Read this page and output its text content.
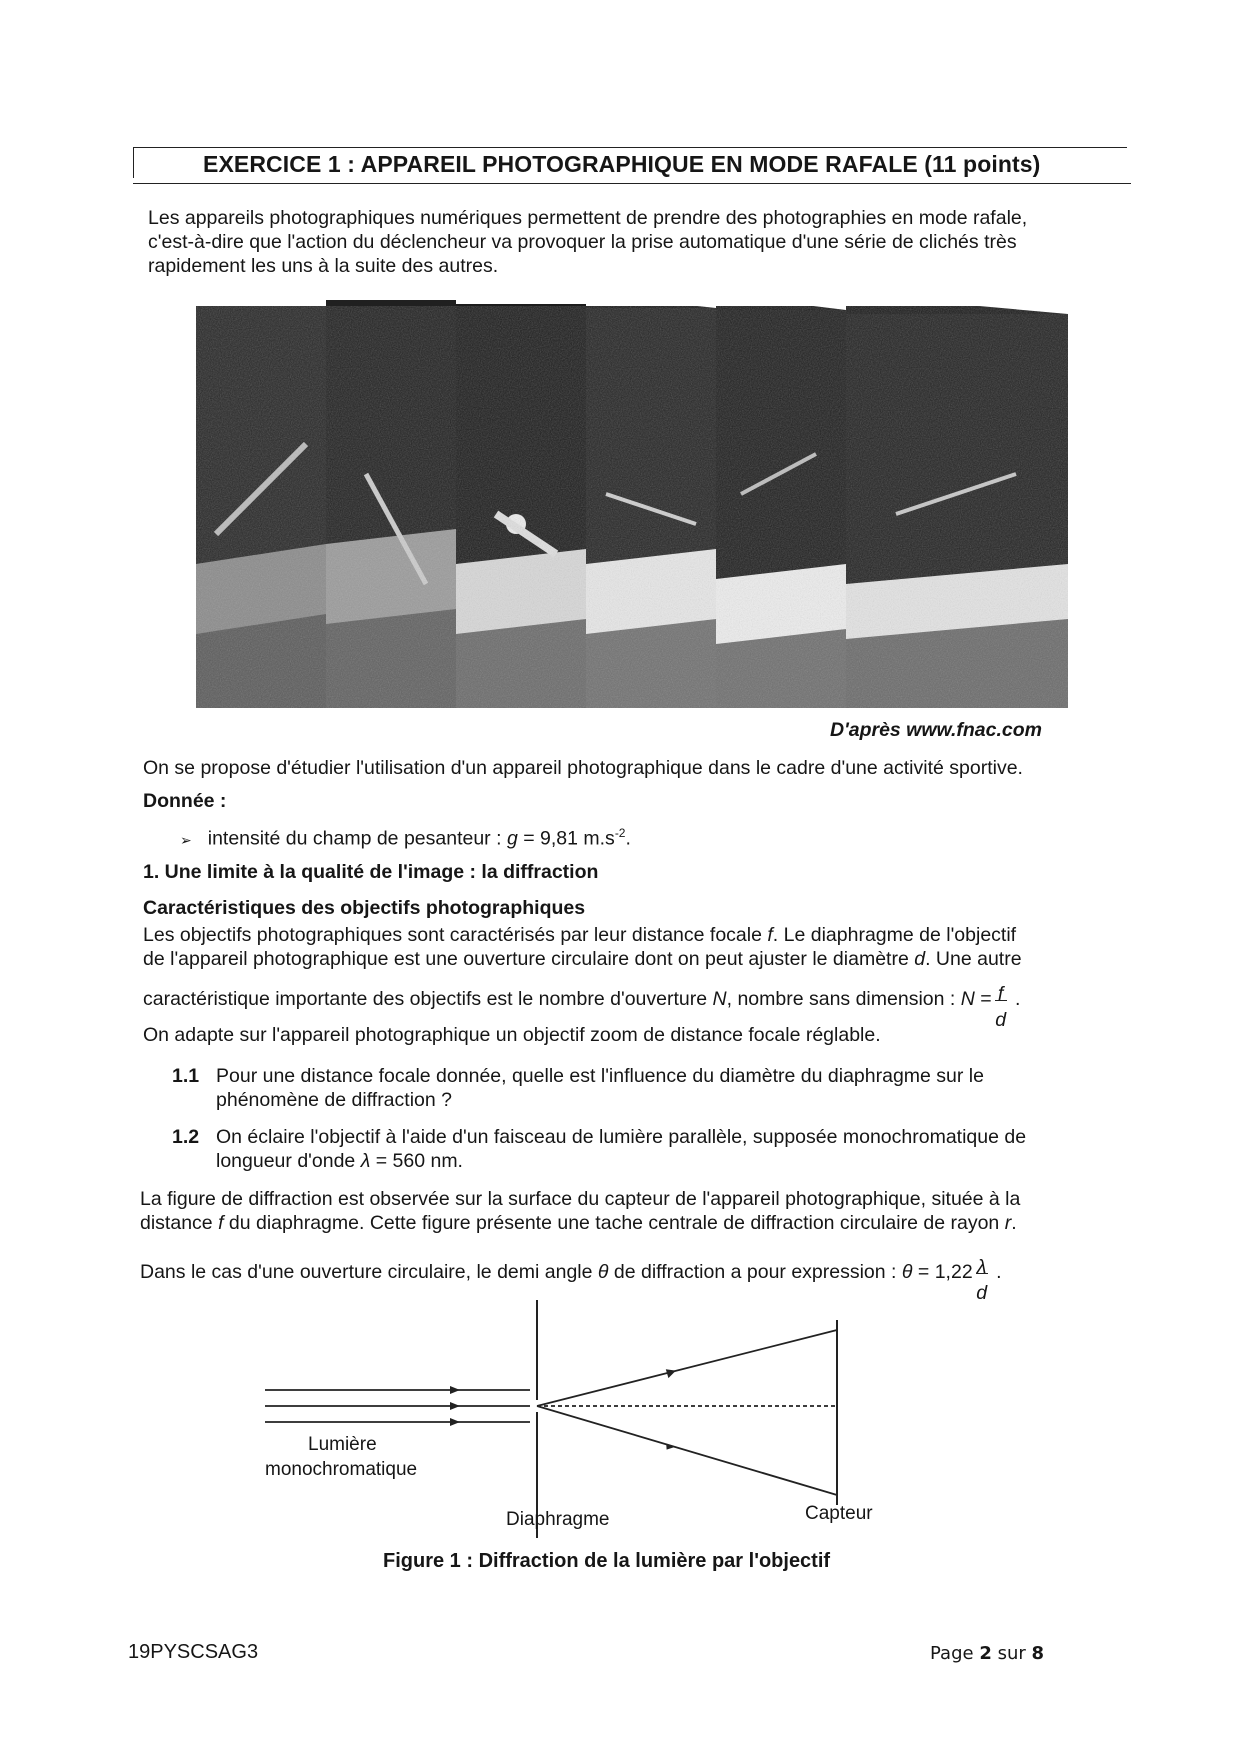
EXERCICE 1 : APPAREIL PHOTOGRAPHIQUE EN MODE RAFALE (11 points)
Les appareils photographiques numériques permettent de prendre des photographies en mode rafale,
c'est-à-dire que l'action du déclencheur va provoquer la prise automatique d'une série de clichés très
rapidement les uns à la suite des autres.
D'après www.fnac.com
On se propose d'étudier l'utilisation d'un appareil photographique dans le cadre d'une activité sportive.
Donnée :
➢ intensité du champ de pesanteur : g = 9,81 $m.s^{-2}$.
1. Une limite à la qualité de l'image : la diffraction
Caractéristiques des objectifs photographiques
Les objectifs photographiques sont caractérisés par leur distance focale f. Le diaphragme de l'objectif
de l'appareil photographique est une ouverture circulaire dont on peut ajuster le diamètre d. Une autre
caractéristique importante des objectifs est le nombre d'ouverture N, nombre sans dimension : N = f
d
.
On adapte sur l'appareil photographique un objectif zoom de distance focale réglable.
1.1 Pour une distance focale donnée, quelle est l'influence du diamètre du diaphragme sur le
phénomène de diffraction ?
1.2 On éclaire l'objectif à l'aide d'un faisceau de lumière parallèle, supposée monochromatique de
longueur d'onde λ = 560 nm.
La figure de diffraction est observée sur la surface du capteur de l'appareil photographique, située à la
distance f du diaphragme. Cette figure présente une tache centrale de diffraction circulaire de rayon r.
Dans le cas d'une ouverture circulaire, le demi angle θ de diffraction a pour expression : θ = 1,22 λ
d
.
Lumière
monochromatique
Diaphragme	Capteur
Figure 1 : Diffraction de la lumière par l'objectif
19PYSCSAG3	Page 2 sur 8
